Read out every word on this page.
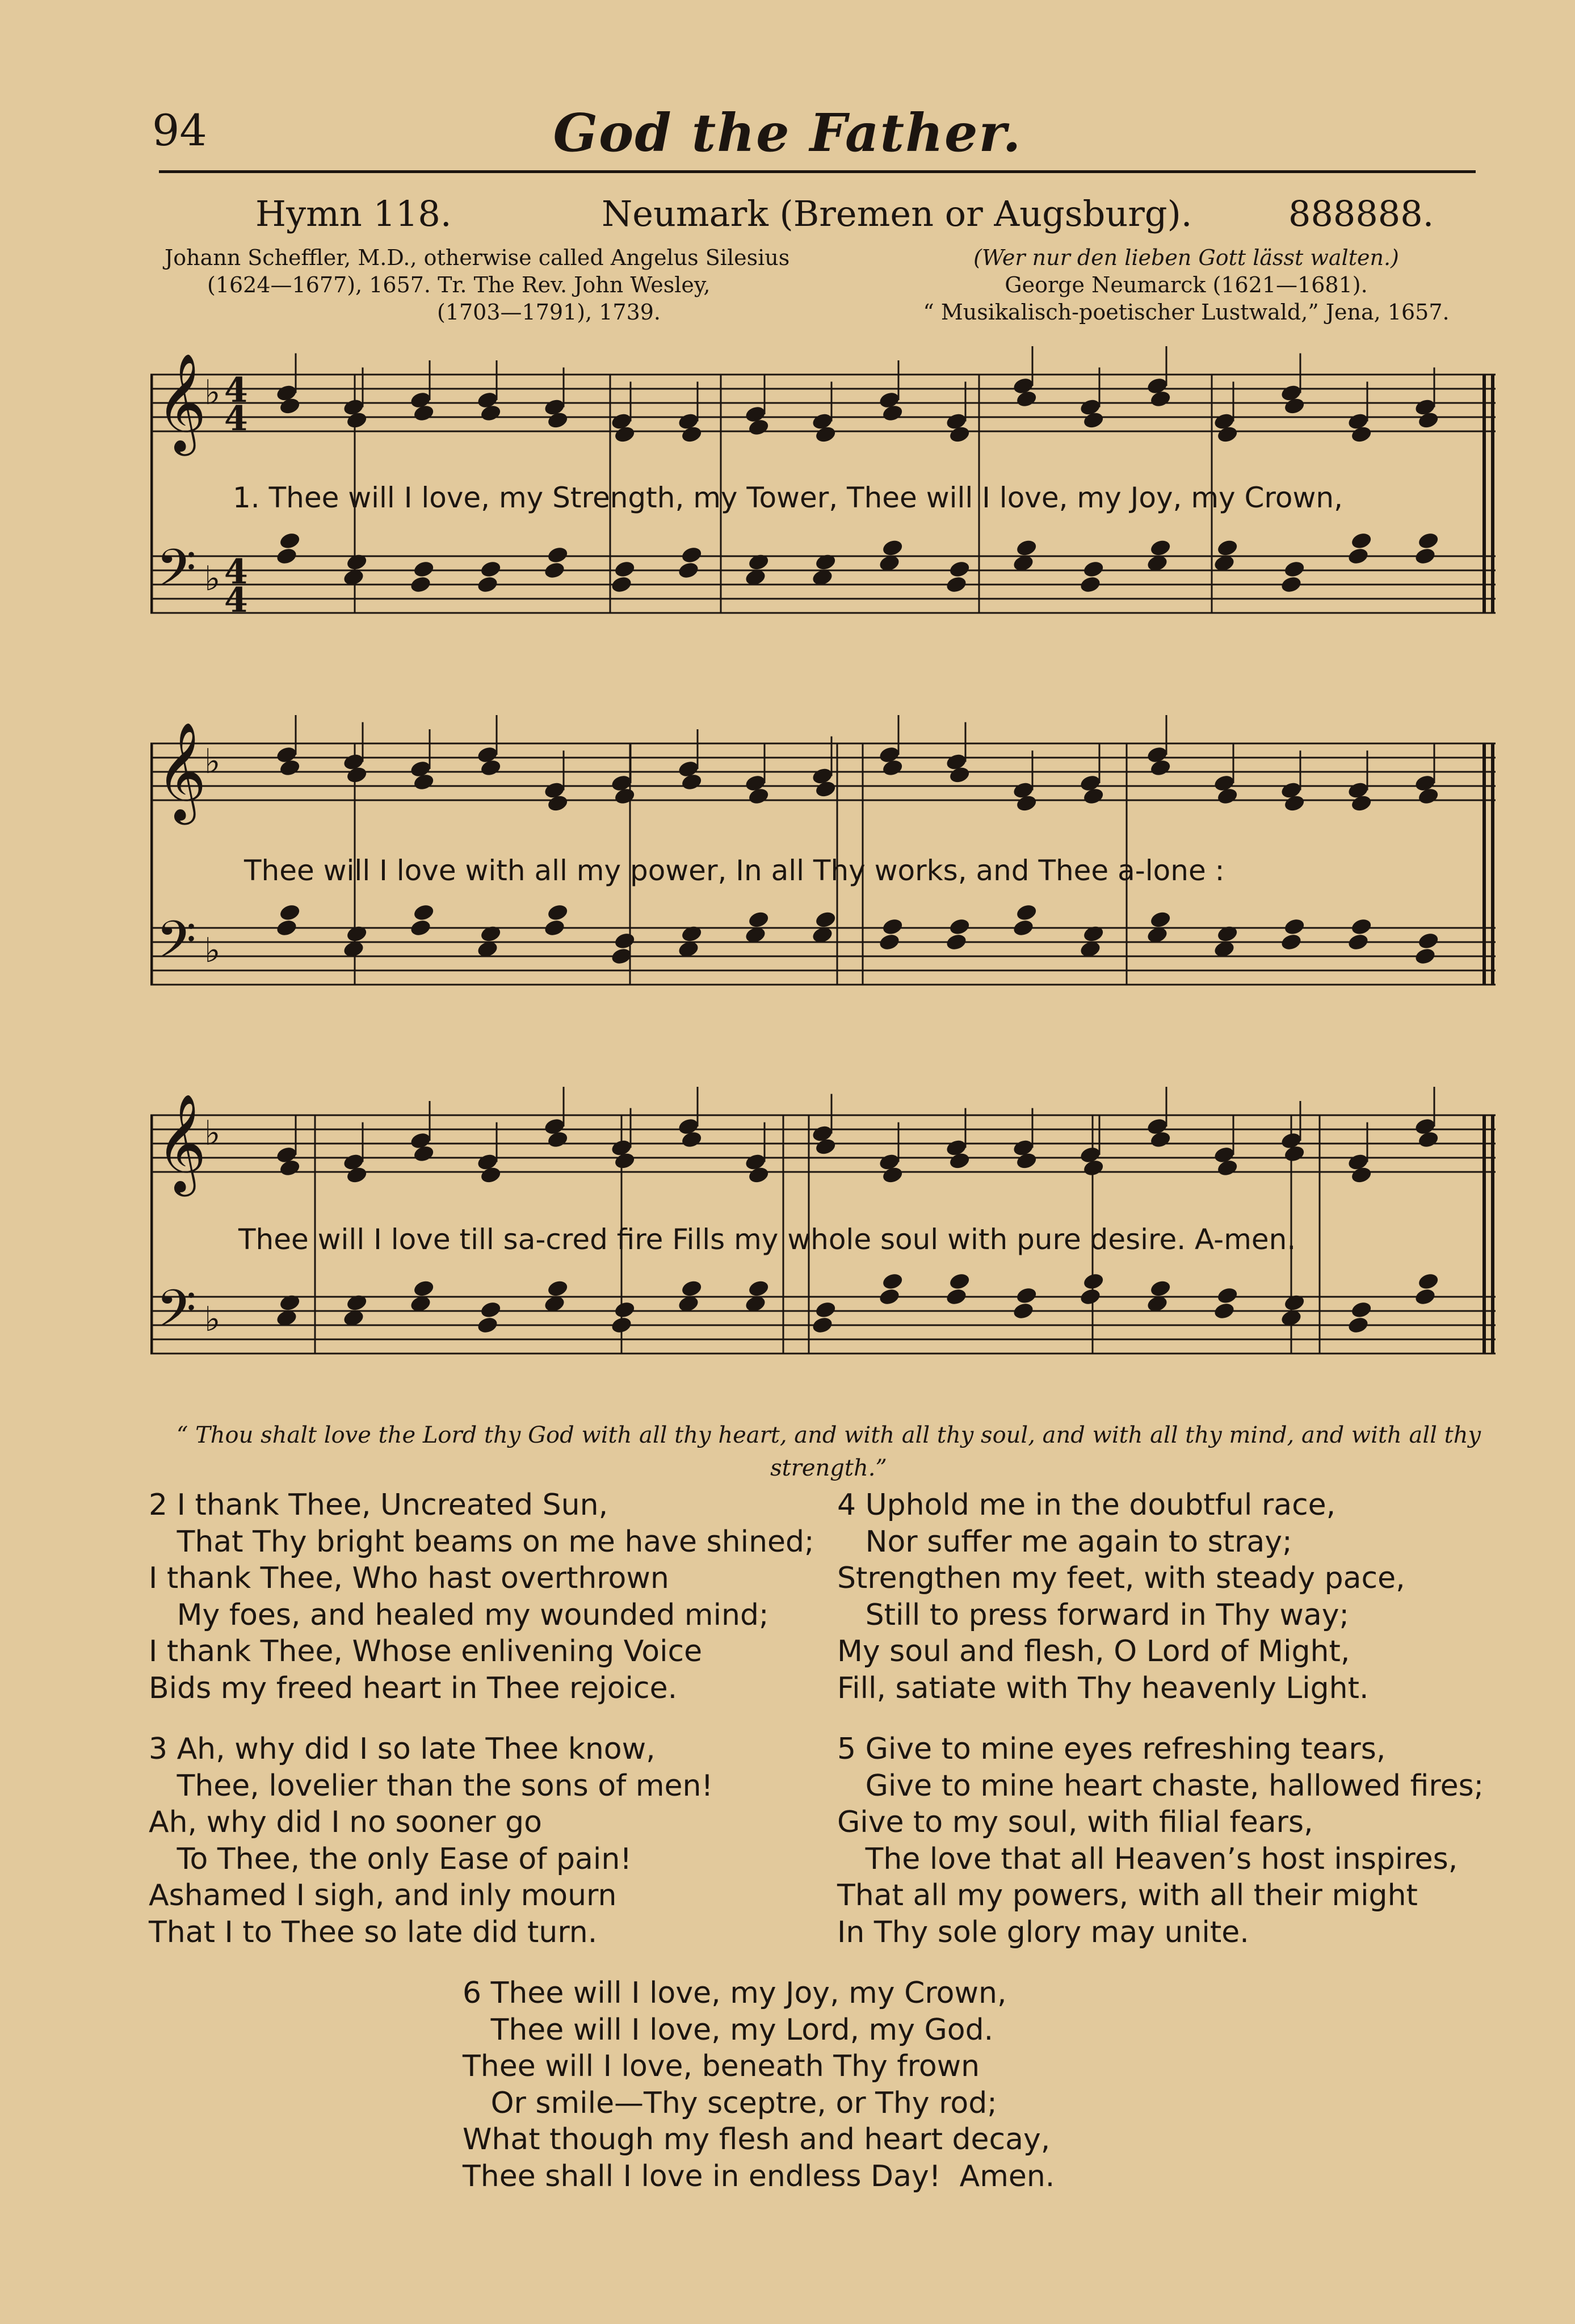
94	God the Father.
Hymn 118.	Neumark (Bremen or Augsburg).	888888.
Johann Scheffler, M.D., otherwise called Angelus Silesius
(1624—1677), 1657. Tr. The Rev. John Wesley,
(1703—1791), 1739.
(Wer nur den lieben Gott lässt walten.)
George Neumarck (1621—1681).
“ Musikalisch-poetischer Lustwald,” Jena, 1657.
𝄞
𝄢
𝄞
𝄢
𝄞
𝄢
♭
♭
♭
♭
♭
♭
4
4
4
4
1. Thee will I love, my Strength, my Tower, Thee will I love, my Joy, my Crown,
Thee will I love with all my power, In all Thy works, and Thee a-lone :
Thee will I love till sa-cred fire Fills my whole soul with pure desire. A-men.
“ Thou shalt love the Lord thy God with all thy heart, and with all thy soul, and with all thy mind, and with all thy strength.”
2 I thank Thee, Uncreated Sun,
That Thy bright beams on me have shined;
I thank Thee, Who hast overthrown
My foes, and healed my wounded mind;
I thank Thee, Whose enlivening Voice
Bids my freed heart in Thee rejoice.
4 Uphold me in the doubtful race,
Nor suffer me again to stray;
Strengthen my feet, with steady pace,
Still to press forward in Thy way;
My soul and flesh, O Lord of Might,
Fill, satiate with Thy heavenly Light.
3 Ah, why did I so late Thee know,
Thee, lovelier than the sons of men!
Ah, why did I no sooner go
To Thee, the only Ease of pain!
Ashamed I sigh, and inly mourn
That I to Thee so late did turn.
5 Give to mine eyes refreshing tears,
Give to mine heart chaste, hallowed fires;
Give to my soul, with filial fears,
The love that all Heaven’s host inspires,
That all my powers, with all their might
In Thy sole glory may unite.
6 Thee will I love, my Joy, my Crown,
Thee will I love, my Lord, my God.
Thee will I love, beneath Thy frown
Or smile—Thy sceptre, or Thy rod;
What though my flesh and heart decay,
Thee shall I love in endless Day!  Amen.
